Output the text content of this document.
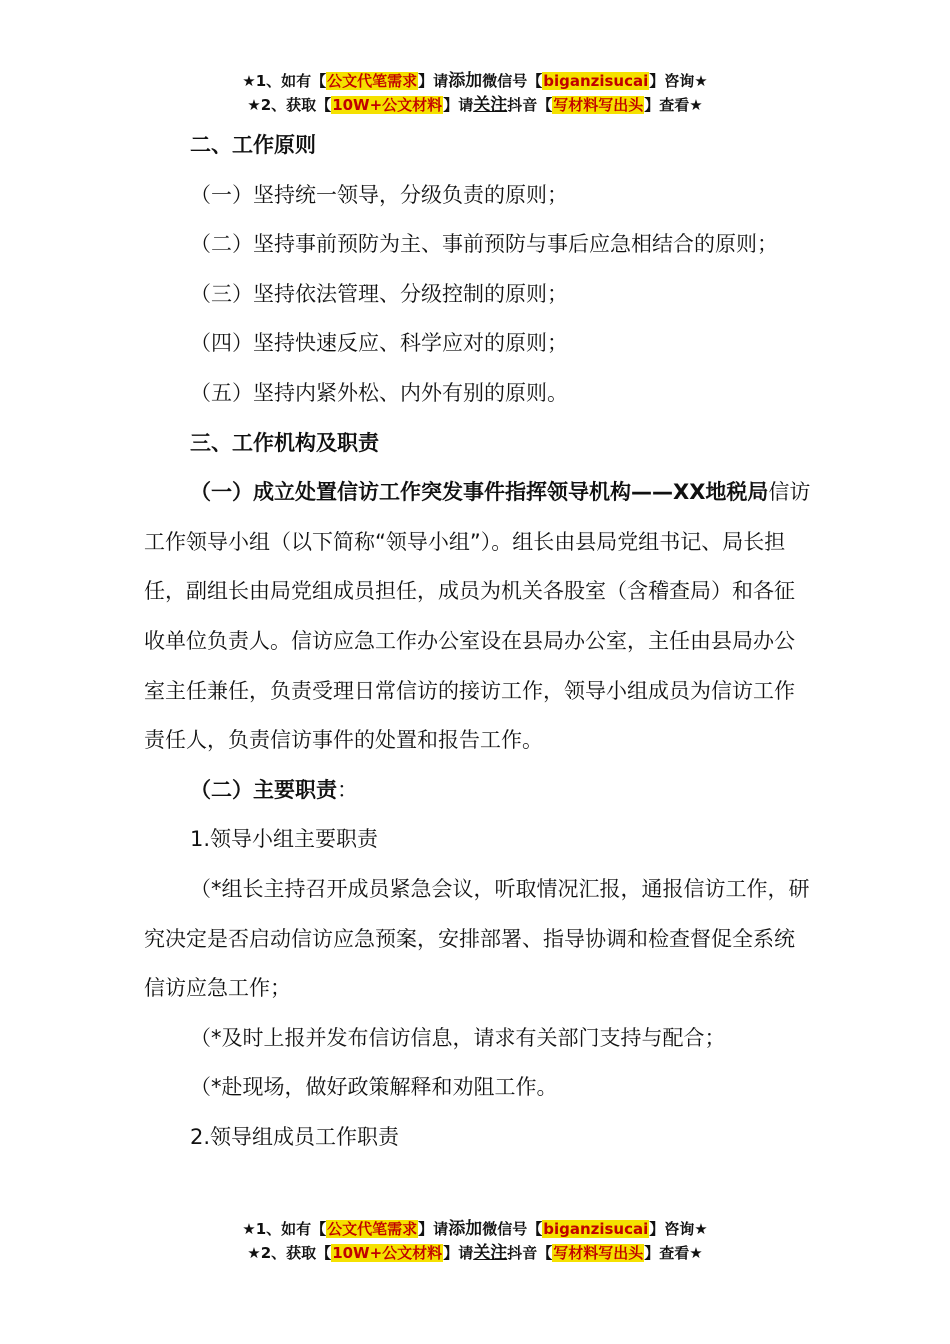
★1、如有【公文代笔需求】请添加微信号【biganzisucai】咨询★
★2、获取【10W+公文材料】请关注抖音【写材料写出头】查看★

二、工作原则

（一）坚持统一领导，分级负责的原则；

（二）坚持事前预防为主、事前预防与事后应急相结合的原则；

（三）坚持依法管理、分级控制的原则；

（四）坚持快速反应、科学应对的原则；

（五）坚持内紧外松、内外有别的原则。

三、工作机构及职责

（一）成立处置信访工作突发事件指挥领导机构——XX地税局信访工作领导小组（以下简称“领导小组”）。组长由县局党组书记、局长担任，副组长由局党组成员担任，成员为机关各股室（含稽查局）和各征收单位负责人。信访应急工作办公室设在县局办公室，主任由县局办公室主任兼任，负责受理日常信访的接访工作，领导小组成员为信访工作责任人，负责信访事件的处置和报告工作。

（二）主要职责：

1.领导小组主要职责

（*组长主持召开成员紧急会议，听取情况汇报，通报信访工作，研究决定是否启动信访应急预案，安排部署、指导协调和检查督促全系统信访应急工作；

（*及时上报并发布信访信息，请求有关部门支持与配合；

（*赴现场，做好政策解释和劝阻工作。

2.领导组成员工作职责

★1、如有【公文代笔需求】请添加微信号【biganzisucai】咨询★
★2、获取【10W+公文材料】请关注抖音【写材料写出头】查看★
